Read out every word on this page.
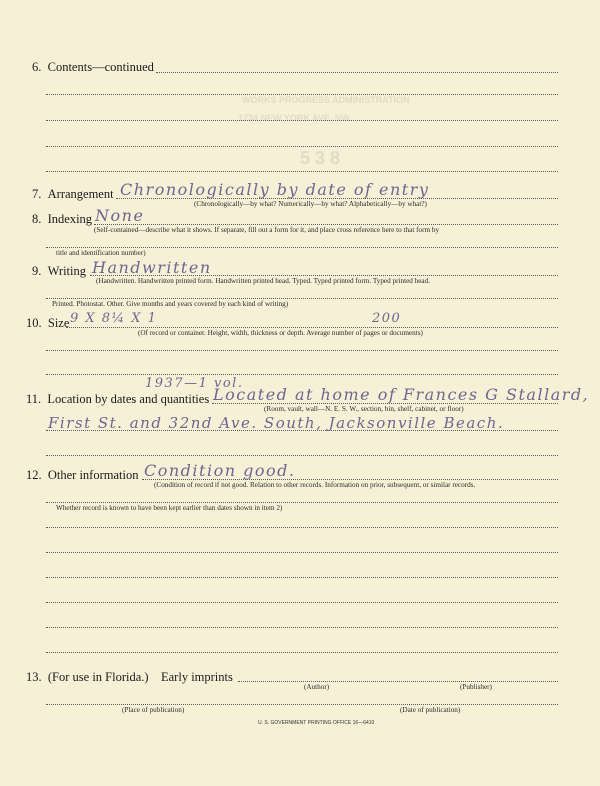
WORKS PROGRESS ADMINISTRATION
1734 NEW YORK AVE. NW.
5 3 8
6. Contents—continued
7. Arrangement Chronologically by date of entry
(Chronologically—by what? Numerically—by what? Alphabetically—by what?)
8. Indexing None
(Self-contained—describe what it shows. If separate, fill out a form for it, and place cross reference here to that form by
title and identification number)
9. Writing Handwritten
(Handwritten. Handwritten printed form. Handwritten printed head. Typed. Typed printed form. Typed printed head.
Printed. Photostat. Other. Give months and years covered by each kind of writing)
10. Size 9 X 8¼ X 1	200
(Of record or container. Height, width, thickness or depth. Average number of pages or documents)
1937—1 vol.
11. Location by dates and quantities Located at home of Frances G Stallard,
(Room, vault, wall—N. E. S. W., section, bin, shelf, cabinet, or floor)
First St. and 32nd Ave. South, Jacksonville Beach.
12. Other information Condition good.
(Condition of record if not good. Relation to other records. Information on prior, subsequent, or similar records.
Whether record is known to have been kept earlier than dates shown in item 2)
13. (For use in Florida.) Early imprints
(Author)	(Publisher)
(Place of publication)	(Date of publication)
U. S. GOVERNMENT PRINTING OFFICE 16—6410
